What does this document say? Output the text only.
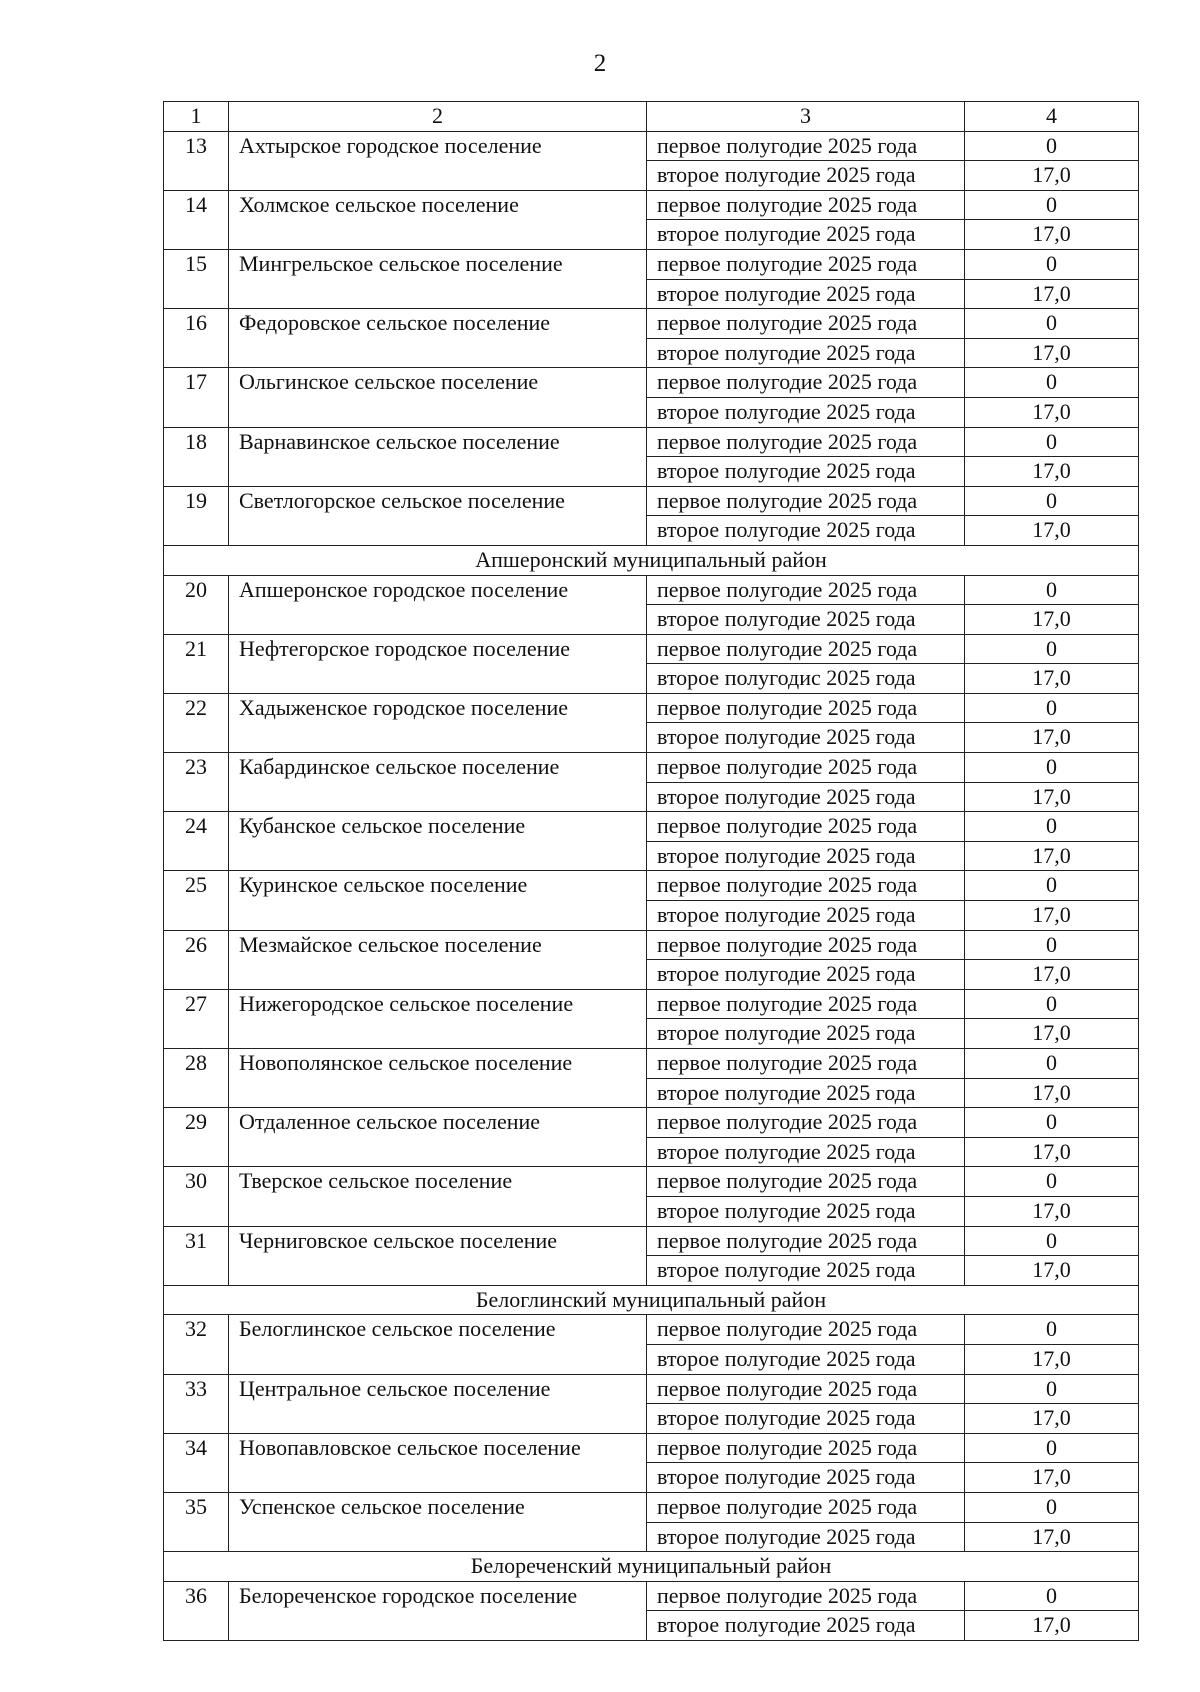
2
1	2	3	4
13	Ахтырское городское поселение	первое полугодие 2025 года	0
		второе полугодие 2025 года	17,0
14	Холмское сельское поселение	первое полугодие 2025 года	0
		второе полугодие 2025 года	17,0
15	Мингрельское сельское поселение	первое полугодие 2025 года	0
		второе полугодие 2025 года	17,0
16	Федоровское сельское поселение	первое полугодие 2025 года	0
		второе полугодие 2025 года	17,0
17	Ольгинское сельское поселение	первое полугодие 2025 года	0
		второе полугодие 2025 года	17,0
18	Варнавинское сельское поселение	первое полугодие 2025 года	0
		второе полугодие 2025 года	17,0
19	Светлогорское сельское поселение	первое полугодие 2025 года	0
		второе полугодие 2025 года	17,0
Апшеронский муниципальный район			
20	Апшеронское городское поселение	первое полугодие 2025 года	0
		второе полугодие 2025 года	17,0
21	Нефтегорское городское поселение	первое полугодие 2025 года	0
		второе полугодис 2025 года	17,0
22	Хадыженское городское поселение	первое полугодие 2025 года	0
		второе полугодие 2025 года	17,0
23	Кабардинское сельское поселение	первое полугодие 2025 года	0
		второе полугодие 2025 года	17,0
24	Кубанское сельское поселение	первое полугодие 2025 года	0
		второе полугодие 2025 года	17,0
25	Куринское сельское поселение	первое полугодие 2025 года	0
		второе полугодие 2025 года	17,0
26	Мезмайское сельское поселение	первое полугодие 2025 года	0
		второе полугодие 2025 года	17,0
27	Нижегородское сельское поселение	первое полугодие 2025 года	0
		второе полугодие 2025 года	17,0
28	Новополянское сельское поселение	первое полугодие 2025 года	0
		второе полугодие 2025 года	17,0
29	Отдаленное сельское поселение	первое полугодие 2025 года	0
		второе полугодие 2025 года	17,0
30	Тверское сельское поселение	первое полугодие 2025 года	0
		второе полугодие 2025 года	17,0
31	Черниговское сельское поселение	первое полугодие 2025 года	0
		второе полугодие 2025 года	17,0
Белоглинский муниципальный район			
32	Белоглинское сельское поселение	первое полугодие 2025 года	0
		второе полугодие 2025 года	17,0
33	Центральное сельское поселение	первое полугодие 2025 года	0
		второе полугодие 2025 года	17,0
34	Новопавловское сельское поселение	первое полугодие 2025 года	0
		второе полугодие 2025 года	17,0
35	Успенское сельское поселение	первое полугодие 2025 года	0
		второе полугодие 2025 года	17,0
Белореченский муниципальный район			
36	Белореченское городское поселение	первое полугодие 2025 года	0
		второе полугодие 2025 года	17,0
